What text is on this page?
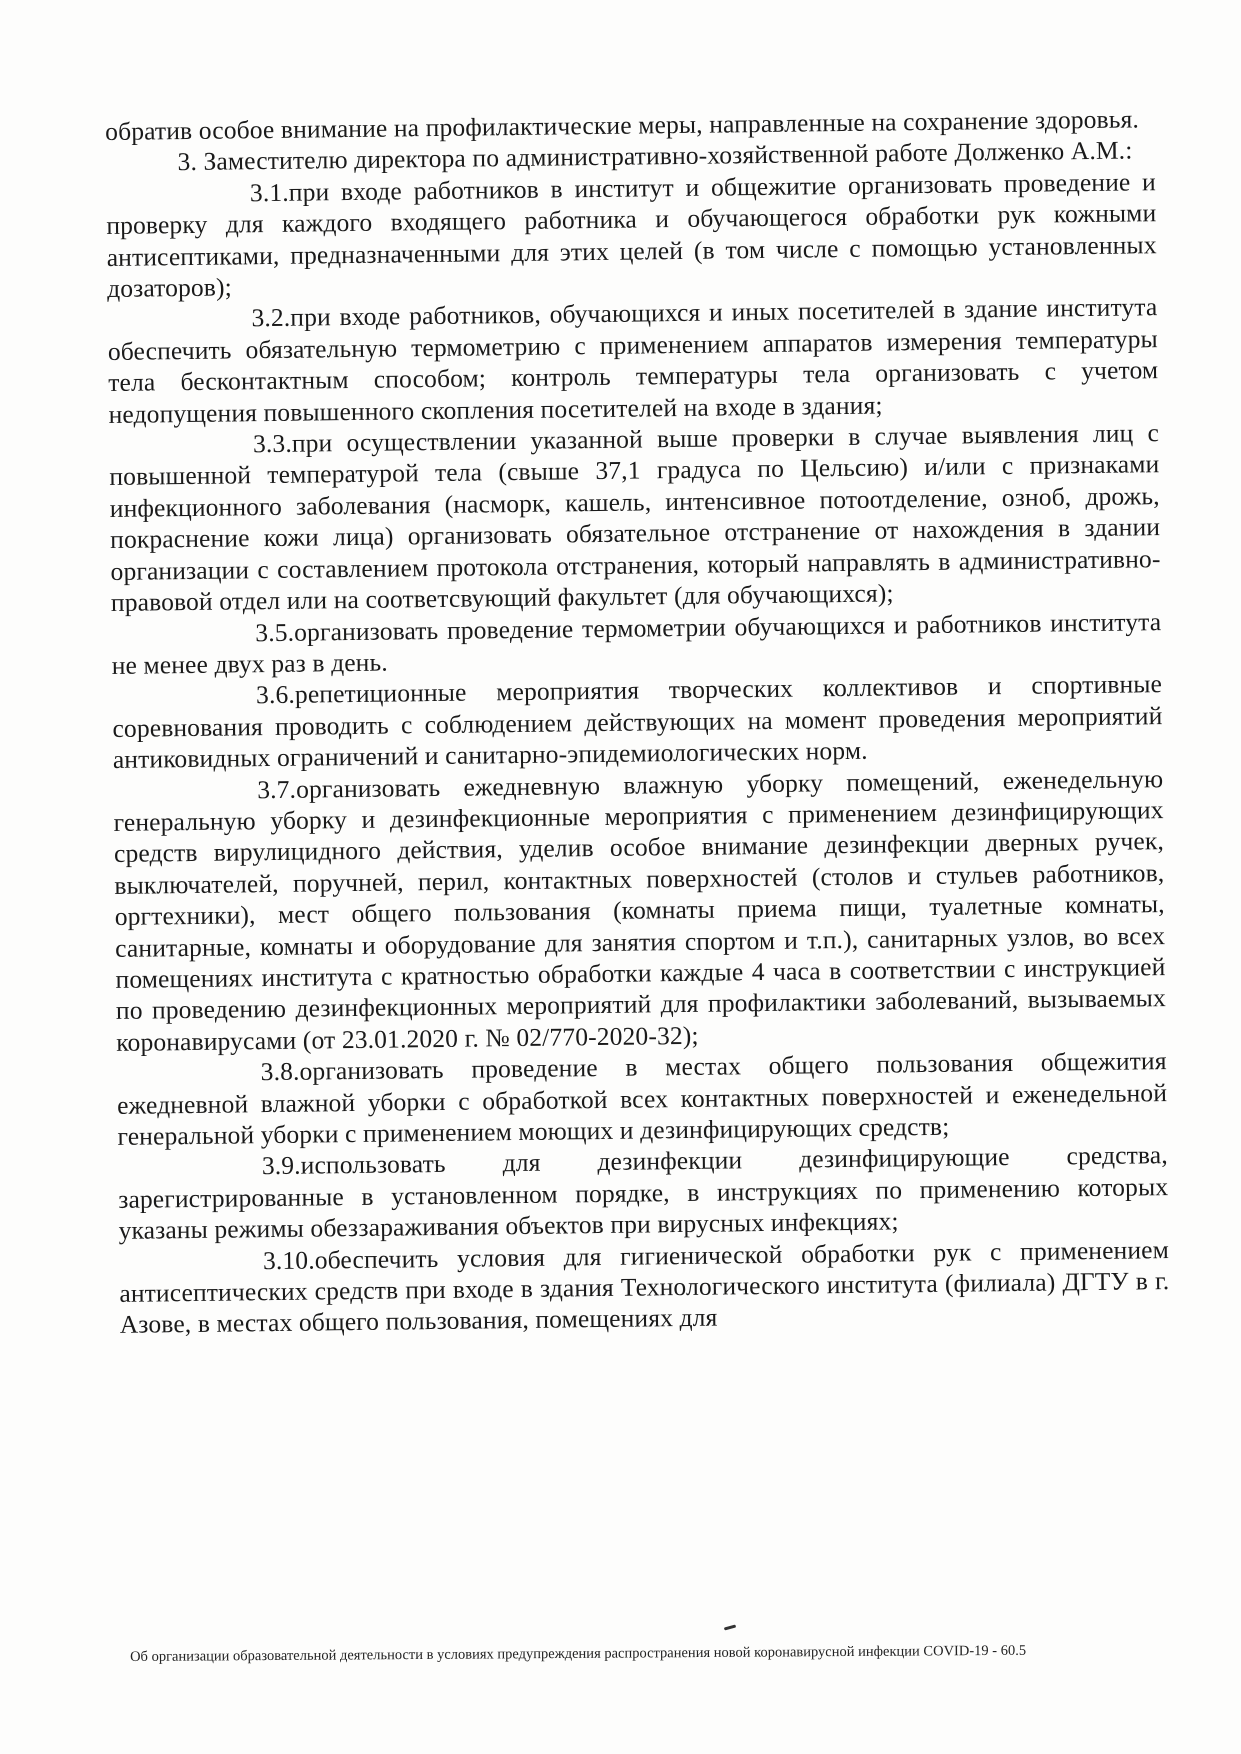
обратив особое внимание на профилактические меры, направленные на сохранение здоровья.

3. Заместителю директора по административно-хозяйственной работе Долженко А.М.:

3.1.при входе работников в институт и общежитие организовать проведение и проверку для каждого входящего работника и обучающегося обработки рук кожными антисептиками, предназначенными для этих целей (в том числе с помощью установленных дозаторов);

3.2.при входе работников, обучающихся и иных посетителей в здание института обеспечить обязательную термометрию с применением аппаратов измерения температуры тела бесконтактным способом; контроль температуры тела организовать с учетом недопущения повышенного скопления посетителей на входе в здания;

3.3.при осуществлении указанной выше проверки в случае выявления лиц с повышенной температурой тела (свыше 37,1 градуса по Цельсию) и/или с признаками инфекционного заболевания (насморк, кашель, интенсивное потоотделение, озноб, дрожь, покраснение кожи лица) организовать обязательное отстранение от нахождения в здании организации с составлением протокола отстранения, который направлять в административно-правовой отдел или на соответсвующий факультет (для обучающихся);

3.5.организовать проведение термометрии обучающихся и работников института не менее двух раз в день.

3.6.репетиционные мероприятия творческих коллективов и спортивные соревнования проводить с соблюдением действующих на момент проведения мероприятий антиковидных ограничений и санитарно-эпидемиологических норм.

3.7.организовать ежедневную влажную уборку помещений, еженедельную генеральную уборку и дезинфекционные мероприятия с применением дезинфицирующих средств вирулицидного действия, уделив особое внимание дезинфекции дверных ручек, выключателей, поручней, перил, контактных поверхностей (столов и стульев работников, оргтехники), мест общего пользования (комнаты приема пищи, туалетные комнаты, санитарные, комнаты и оборудование для занятия спортом и т.п.), санитарных узлов, во всех помещениях института с кратностью обработки каждые 4 часа в соответствии с инструкцией по проведению дезинфекционных мероприятий для профилактики заболеваний, вызываемых коронавирусами (от 23.01.2020 г. № 02/770-2020-32);

3.8.организовать проведение в местах общего пользования общежития ежедневной влажной уборки с обработкой всех контактных поверхностей и еженедельной генеральной уборки с применением моющих и дезинфицирующих средств;

3.9.использовать для дезинфекции дезинфицирующие средства, зарегистрированные в установленном порядке, в инструкциях по применению которых указаны режимы обеззараживания объектов при вирусных инфекциях;

3.10.обеспечить условия для гигиенической обработки рук с применением антисептических средств при входе в здания Технологического института (филиала) ДГТУ в г. Азове, в местах общего пользования, помещениях для

Об организации образовательной деятельности в условиях предупреждения распространения новой коронавирусной инфекции COVID-19 - 60.5
